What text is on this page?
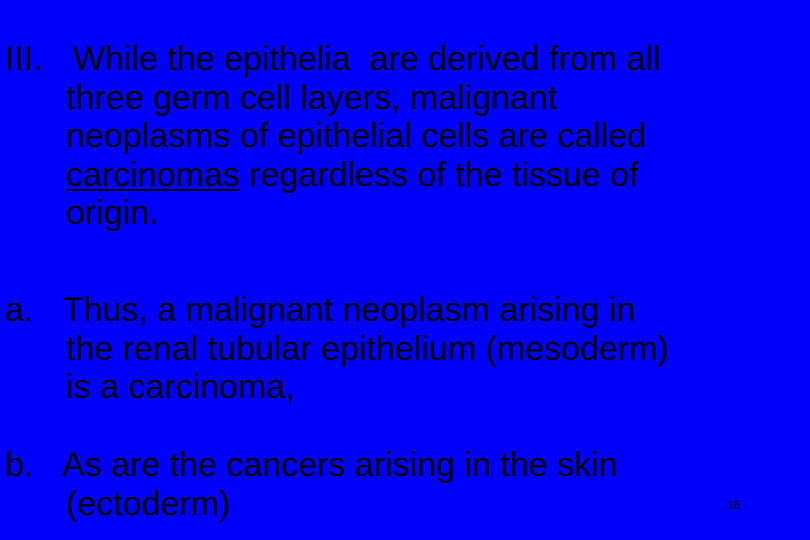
III. While the epithelia  are derived from all
three germ cell layers, malignant
neoplasms of epithelial cells are called
carcinomas regardless of the tissue of
origin.
a. Thus, a malignant neoplasm arising in
the renal tubular epithelium (mesoderm)
is a carcinoma,
b. As are the cancers arising in the skin
(ectoderm)	16
